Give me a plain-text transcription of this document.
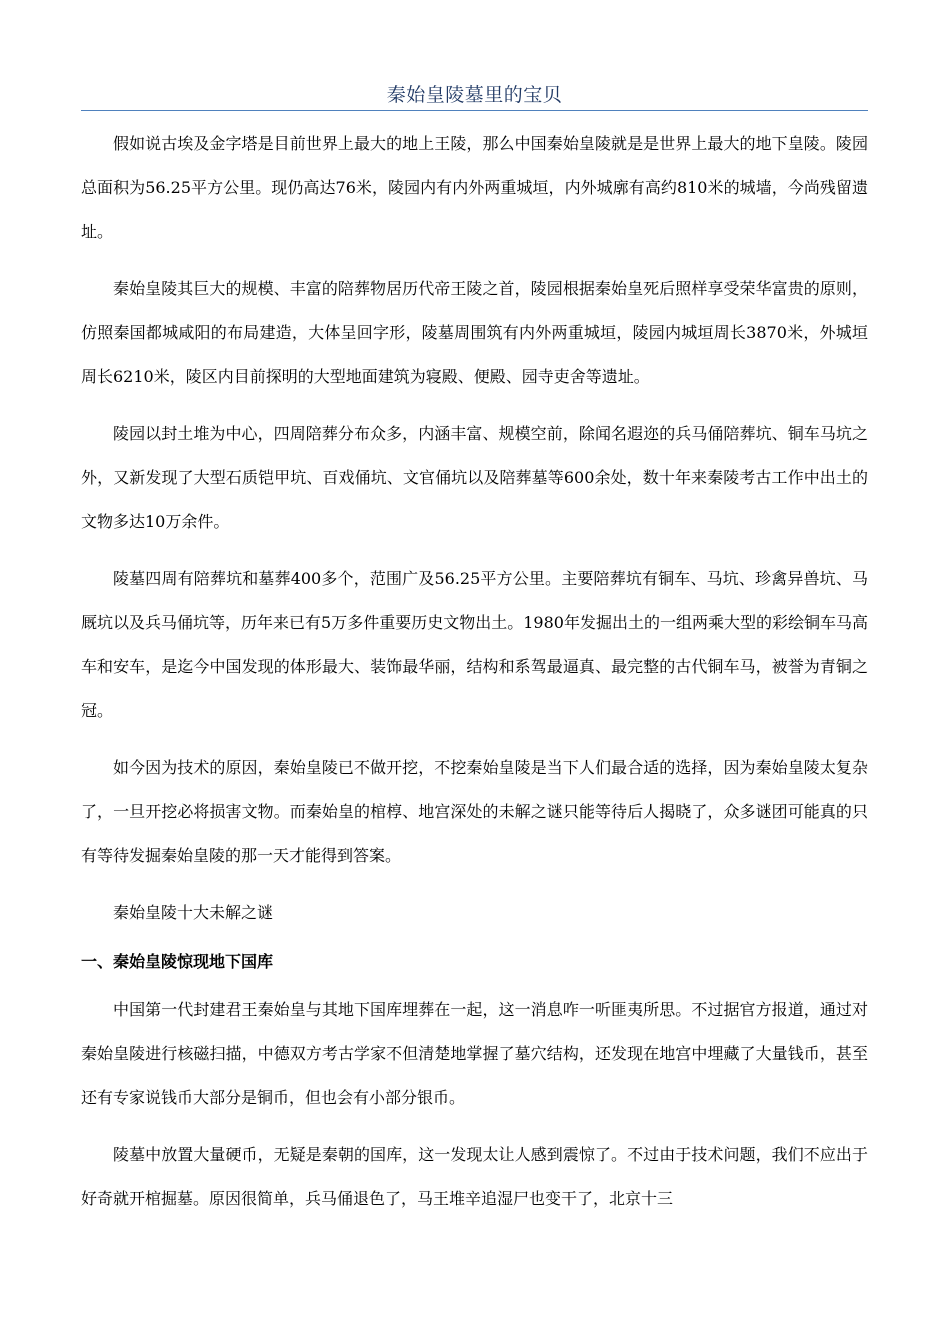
秦始皇陵墓里的宝贝

假如说古埃及金字塔是目前世界上最大的地上王陵，那么中国秦始皇陵就是是世界上最大的地下皇陵。陵园总面积为56.25平方公里。现仍高达76米，陵园内有内外两重城垣，内外城廓有高约810米的城墙，今尚残留遗址。

秦始皇陵其巨大的规模、丰富的陪葬物居历代帝王陵之首，陵园根据秦始皇死后照样享受荣华富贵的原则，仿照秦国都城咸阳的布局建造，大体呈回字形，陵墓周围筑有内外两重城垣，陵园内城垣周长3870米，外城垣周长6210米，陵区内目前探明的大型地面建筑为寝殿、便殿、园寺吏舍等遗址。

陵园以封土堆为中心，四周陪葬分布众多，内涵丰富、规模空前，除闻名遐迩的兵马俑陪葬坑、铜车马坑之外，又新发现了大型石质铠甲坑、百戏俑坑、文官俑坑以及陪葬墓等600余处，数十年来秦陵考古工作中出土的文物多达10万余件。

陵墓四周有陪葬坑和墓葬400多个，范围广及56.25平方公里。主要陪葬坑有铜车、马坑、珍禽异兽坑、马厩坑以及兵马俑坑等，历年来已有5万多件重要历史文物出土。1980年发掘出土的一组两乘大型的彩绘铜车马高车和安车，是迄今中国发现的体形最大、装饰最华丽，结构和系驾最逼真、最完整的古代铜车马，被誉为青铜之冠。

如今因为技术的原因，秦始皇陵已不做开挖，不挖秦始皇陵是当下人们最合适的选择，因为秦始皇陵太复杂了，一旦开挖必将损害文物。而秦始皇的棺椁、地宫深处的未解之谜只能等待后人揭晓了，众多谜团可能真的只有等待发掘秦始皇陵的那一天才能得到答案。

秦始皇陵十大未解之谜

一、秦始皇陵惊现地下国库

中国第一代封建君王秦始皇与其地下国库埋葬在一起，这一消息咋一听匪夷所思。不过据官方报道，通过对秦始皇陵进行核磁扫描，中德双方考古学家不但清楚地掌握了墓穴结构，还发现在地宫中埋藏了大量钱币，甚至还有专家说钱币大部分是铜币，但也会有小部分银币。

陵墓中放置大量硬币，无疑是秦朝的国库，这一发现太让人感到震惊了。不过由于技术问题，我们不应出于好奇就开棺掘墓。原因很简单，兵马俑退色了，马王堆辛追湿尸也变干了，北京十三
